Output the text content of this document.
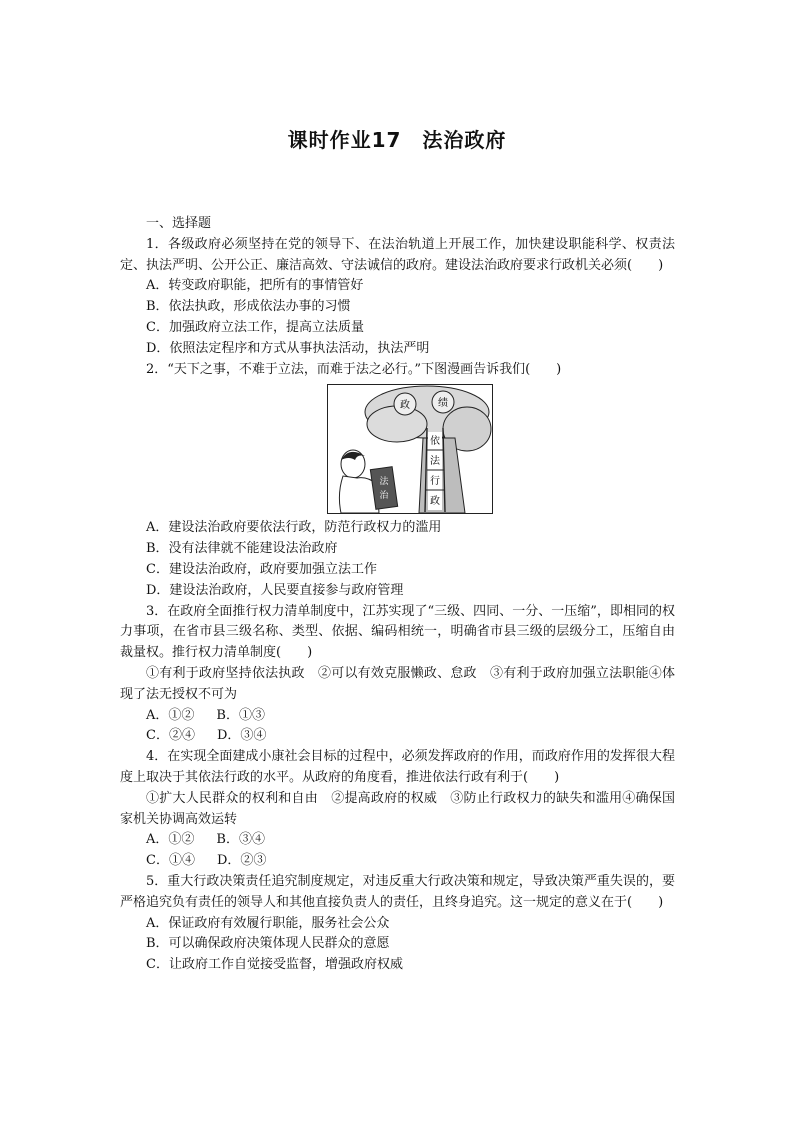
课时作业17　法治政府

一、选择题

1．各级政府必须坚持在党的领导下、在法治轨道上开展工作，加快建设职能科学、权责法定、执法严明、公开公正、廉洁高效、守法诚信的政府。建设法治政府要求行政机关必须(　　)

A．转变政府职能，把所有的事情管好
B．依法执政，形成依法办事的习惯
C．加强政府立法工作，提高立法质量
D．依照法定程序和方式从事执法活动，执法严明

2．“天下之事，不难于立法，而难于法之必行。”下图漫画告诉我们(　　)

政	绩
依
法
行
政
法
治
A．建设法治政府要依法行政，防范行政权力的滥用
B．没有法律就不能建设法治政府
C．建设法治政府，政府要加强立法工作
D．建设法治政府，人民要直接参与政府管理

3．在政府全面推行权力清单制度中，江苏实现了“三级、四同、一分、一压缩”，即相同的权力事项，在省市县三级名称、类型、依据、编码相统一，明确省市县三级的层级分工，压缩自由裁量权。推行权力清单制度(　　)

①有利于政府坚持依法执政　②可以有效克服懒政、怠政　③有利于政府加强立法职能④体现了法无授权不可为

A．①② B．①③
C．②④ D．③④

4．在实现全面建成小康社会目标的过程中，必须发挥政府的作用，而政府作用的发挥很大程度上取决于其依法行政的水平。从政府的角度看，推进依法行政有利于(　　)

①扩大人民群众的权利和自由　②提高政府的权威　③防止行政权力的缺失和滥用④确保国家机关协调高效运转

A．①② B．③④
C．①④ D．②③

5．重大行政决策责任追究制度规定，对违反重大行政决策和规定，导致决策严重失误的，要严格追究负有责任的领导人和其他直接负责人的责任，且终身追究。这一规定的意义在于(　　)

A．保证政府有效履行职能，服务社会公众
B．可以确保政府决策体现人民群众的意愿
C．让政府工作自觉接受监督，增强政府权威
